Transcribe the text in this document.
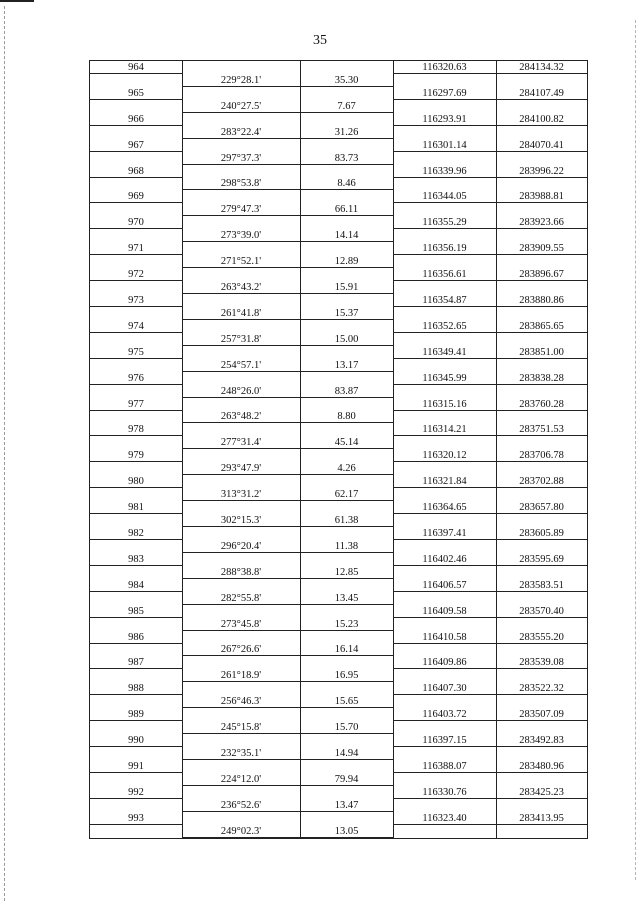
35
964	116320.63	284134.32
229°28.1'	35.30
965	116297.69	284107.49
240°27.5'	7.67
966	116293.91	284100.82
283°22.4'	31.26
967	116301.14	284070.41
297°37.3'	83.73
968	116339.96	283996.22
298°53.8'	8.46
969	116344.05	283988.81
279°47.3'	66.11
970	116355.29	283923.66
273°39.0'	14.14
971	116356.19	283909.55
271°52.1'	12.89
972	116356.61	283896.67
263°43.2'	15.91
973	116354.87	283880.86
261°41.8'	15.37
974	116352.65	283865.65
257°31.8'	15.00
975	116349.41	283851.00
254°57.1'	13.17
976	116345.99	283838.28
248°26.0'	83.87
977	116315.16	283760.28
263°48.2'	8.80
978	116314.21	283751.53
277°31.4'	45.14
979	116320.12	283706.78
293°47.9'	4.26
980	116321.84	283702.88
313°31.2'	62.17
981	116364.65	283657.80
302°15.3'	61.38
982	116397.41	283605.89
296°20.4'	11.38
983	116402.46	283595.69
288°38.8'	12.85
984	116406.57	283583.51
282°55.8'	13.45
985	116409.58	283570.40
273°45.8'	15.23
986	116410.58	283555.20
267°26.6'	16.14
987	116409.86	283539.08
261°18.9'	16.95
988	116407.30	283522.32
256°46.3'	15.65
989	116403.72	283507.09
245°15.8'	15.70
990	116397.15	283492.83
232°35.1'	14.94
991	116388.07	283480.96
224°12.0'	79.94
992	116330.76	283425.23
236°52.6'	13.47
993	116323.40	283413.95
249°02.3'	13.05
